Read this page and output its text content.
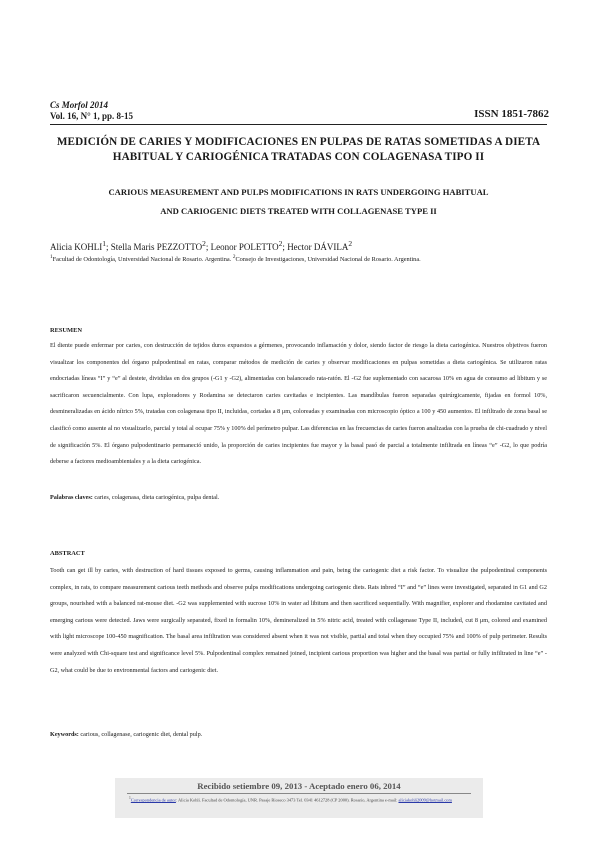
Cs Morfol 2014
Vol. 16, N° 1, pp. 8-15	ISSN 1851-7862
MEDICIÓN DE CARIES Y MODIFICACIONES EN PULPAS DE RATAS SOMETIDAS A DIETA HABITUAL Y CARIOGÉNICA TRATADAS CON COLAGENASA TIPO II
CARIOUS MEASUREMENT AND PULPS MODIFICATIONS IN RATS UNDERGOING HABITUAL
AND CARIOGENIC DIETS TREATED WITH COLLAGENASE TYPE II
Alicia KOHLI$^1$; Stella Maris PEZZOTTO$^2$; Leonor POLETTO$^2$; Hector DÁVILA$^2$
$^1$Facultad de Odontología, Universidad Nacional de Rosario. Argentina. $^2$Consejo de Investigaciones, Universidad Nacional de Rosario. Argentina.
RESUMEN
El diente puede enfermar por caries, con destrucción de tejidos duros expuestos a gérmenes, provocando inflamación y dolor, siendo factor de riesgo la dieta cariogénica. Nuestros objetivos fueron visualizar los componentes del órgano pulpodentinal en ratas, comparar métodos de medición de caries y observar modificaciones en pulpas sometidas a dieta cariogénica. Se utilizaron ratas endocriadas líneas “I” y “e” al destete, divididas en dos grupos (-G1 y -G2), alimentadas con balanceado rata-ratón. El -G2 fue suplementado con sacarosa 10% en agua de consumo ad libitum y se sacrificaron secuencialmente. Con lupa, exploradores y Rodamina se detectaron caries cavitadas e incipientes. Las mandíbulas fueron separadas quirúrgicamente, fijadas en formol 10%, desmineralizadas en ácido nítrico 5%, tratadas con colagenasa tipo II, incluidas, cortadas a 8 μm, coloreadas y examinadas con microscopio óptico a 100 y 450 aumentos. El infiltrado de zona basal se clasificó como ausente al no visualizarlo, parcial y total al ocupar 75% y 100% del perímetro pulpar. Las diferencias en las frecuencias de caries fueron analizadas con la prueba de chi-cuadrado y nivel de significación 5%. El órgano pulpodentinario permaneció unido, la proporción de caries incipientes fue mayor y la basal pasó de parcial a totalmente infiltrada en líneas “e” -G2, lo que podría deberse a factores medioambientales y a la dieta cariogénica.
Palabras claves: caries, colagenasa, dieta cariogénica, pulpa dental.
ABSTRACT
Tooth can get ill by caries, with destruction of hard tissues exposed to germs, causing inflammation and pain, being the cariogenic diet a risk factor. To visualize the pulpodentinal components complex, in rats, to compare measurement carious teeth methods and observe pulps modifications undergoing cariogenic diets. Rats inbred “I” and “e” lines were investigated, separated in G1 and G2 groups, nourished with a balanced rat-mouse diet. -G2 was supplemented with sucrose 10% in water ad libitum and then sacrificed sequentially. With magnifier, explorer and rhodamine cavitated and emerging carious were detected. Jaws were surgically separated, fixed in formalin 10%, demineralized in 5% nitric acid, treated with collagenase Type II, included, cut 8 μm, colored and examined with light microscope 100-450 magnification. The basal area infiltration was considered absent when it was not visible, partial and total when they occupied 75% and 100% of pulp perimeter. Results were analyzed with Chi-square test and significance level 5%. Pulpodentinal complex remained joined, incipient carious proportion was higher and the basal was partial or fully infiltrated in line “e” -G2, what could be due to environmental factors and cariogenic diet.
Keywords: carious, collagenase, cariogenic diet, dental pulp.
Recibido setiembre 09, 2013 - Aceptado enero 06, 2014
$^1$Correspondencia de autor: Alicia Kohli. Facultad de Odontología, UNR. Pasaje Rioseco 3473 Tel. 0341 4612728 (CP 2000). Rosario, Argentina e-mail: aliciakohli2009@hotmail.com
